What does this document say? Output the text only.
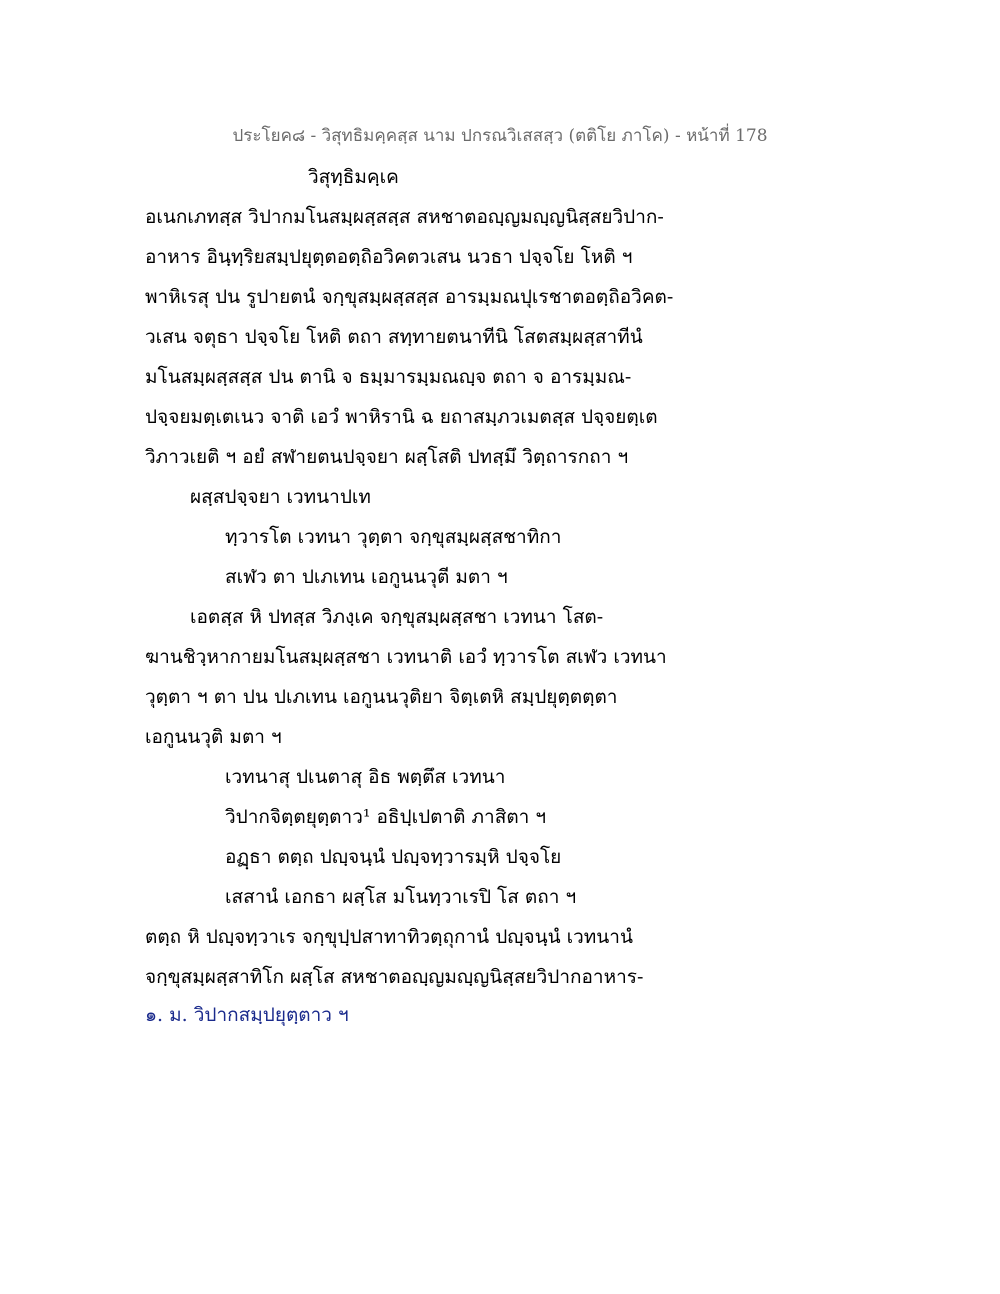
ประโยค๘ - วิสุทธิมคฺคสฺส นาม ปกรณวิเสสสฺว (ตติโย ภาโค) - หน้าที่ 178
วิสุทฺธิมคฺเค
อเนกเภทสฺส วิปากมโนสมฺผสฺสสฺส สหชาตอญฺญมญฺญนิสฺสยวิปาก-
อาหาร อินฺทฺริยสมฺปยุตฺตอตฺถิอวิคตวเสน นวธา ปจฺจโย โหติ ฯ
พาหิเรสุ ปน รูปายตนํ จกฺขุสมฺผสฺสสฺส อารมฺมณปุเรชาตอตฺถิอวิคต-
วเสน จตุธา ปจฺจโย โหติ ตถา สทฺทายตนาทีนิ โสตสมฺผสฺสาทีนํ
มโนสมฺผสฺสสฺส ปน ตานิ จ ธมฺมารมฺมณญฺจ ตถา จ อารมฺมณ-
ปจฺจยมตฺเตเนว จาติ เอวํ พาหิรานิ ฉ ยถาสมฺภวเมตสฺส ปจฺจยตฺเต
วิภาวเยติ ฯ อยํ สฬายตนปจฺจยา ผสฺโสติ ปทสฺมึ วิตฺถารกถา ฯ
ผสฺสปจฺจยา เวทนาปเท
ทฺวารโต เวทนา วุตฺตา จกฺขุสมฺผสฺสชาทิกา
สเฬว ตา ปเภเทน เอกูนนวุตี มตา ฯ
เอตสฺส หิ ปทสฺส วิภงฺเค จกฺขุสมฺผสฺสชา เวทนา โสต-
ฆานชิวฺหากายมโนสมฺผสฺสชา เวทนาติ เอวํ ทฺวารโต สเฬว เวทนา
วุตฺตา ฯ ตา ปน ปเภเทน เอกูนนวุติยา จิตฺเตหิ สมฺปยุตฺตตฺตา
เอกูนนวุติ มตา ฯ
เวทนาสุ ปเนตาสุ อิธ พตฺตึส เวทนา
วิปากจิตฺตยุตฺตาว¹ อธิปฺเปตาติ ภาสิตา ฯ
อฏฺธา ตตฺถ ปญฺจนฺนํ ปญฺจทฺวารมฺหิ ปจฺจโย
เสสานํ เอกธา ผสฺโส มโนทฺวาเรปิ โส ตถา ฯ
ตตฺถ หิ ปญฺจทฺวาเร จกฺขุปฺปสาทาทิวตฺถุกานํ ปญฺจนฺนํ เวทนานํ
จกฺขุสมฺผสฺสาทิโก ผสฺโส สหชาตอญฺญมญฺญนิสฺสยวิปากอาหาร-
๑. ม. วิปากสมฺปยุตฺตาว ฯ
